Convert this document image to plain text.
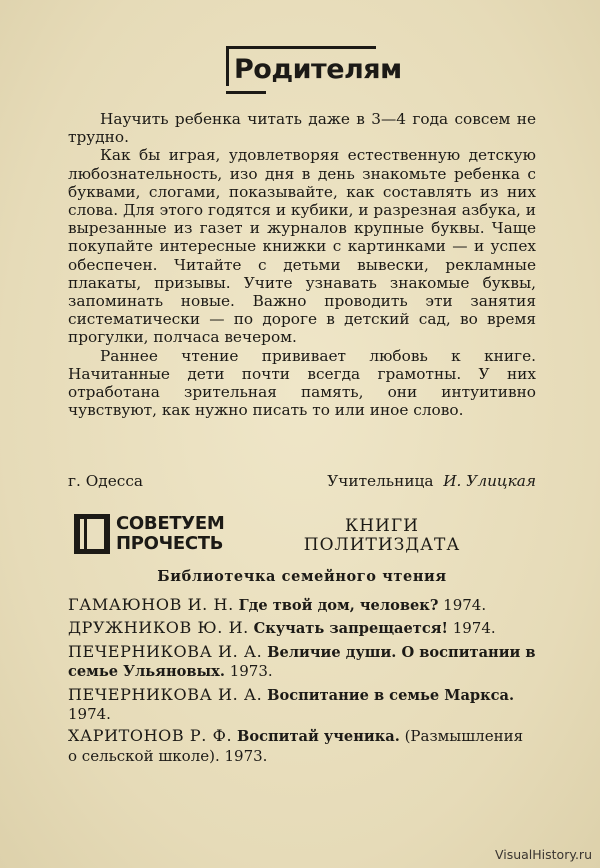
Родителям

Научить ребенка читать даже в 3—4 года совсем не трудно.

Как бы играя, удовлетворяя естественную детскую любознательность, изо дня в день знакомьте ребенка с буквами, слогами, показывайте, как составлять из них слова. Для этого годятся и кубики, и разрезная азбука, и вырезанные из газет и журналов крупные буквы. Чаще покупайте интересные книжки с картинками — и успех обеспечен. Читайте с детьми вывески, рекламные плакаты, призывы. Учите узнавать знакомые буквы, запоминать новые. Важно проводить эти занятия систематически — по дороге в детский сад, во время прогулки, полчаса вечером.

Раннее чтение прививает любовь к книге. Начитанные дети почти всегда грамотны. У них отработана зрительная память, они интуитивно чувствуют, как нужно писать то или иное слово.

г. Одесса	Учительница И. Улицкая
СОВЕТУЕМ
ПРОЧЕСТЬ
КНИГИ
ПОЛИТИЗДАТА
Библиотечка семейного чтения
ГАМАЮНОВ И. Н. Где твой дом, человек? 1974.
ДРУЖНИКОВ Ю. И. Скучать запрещается! 1974.
ПЕЧЕРНИКОВА И. А. Величие души. О воспитании в семье Ульяновых. 1973.
ПЕЧЕРНИКОВА И. А. Воспитание в семье Маркса. 1974.
ХАРИТОНОВ Р. Ф. Воспитай ученика. (Размышления о сельской школе). 1973.
VisualHistory.ru
